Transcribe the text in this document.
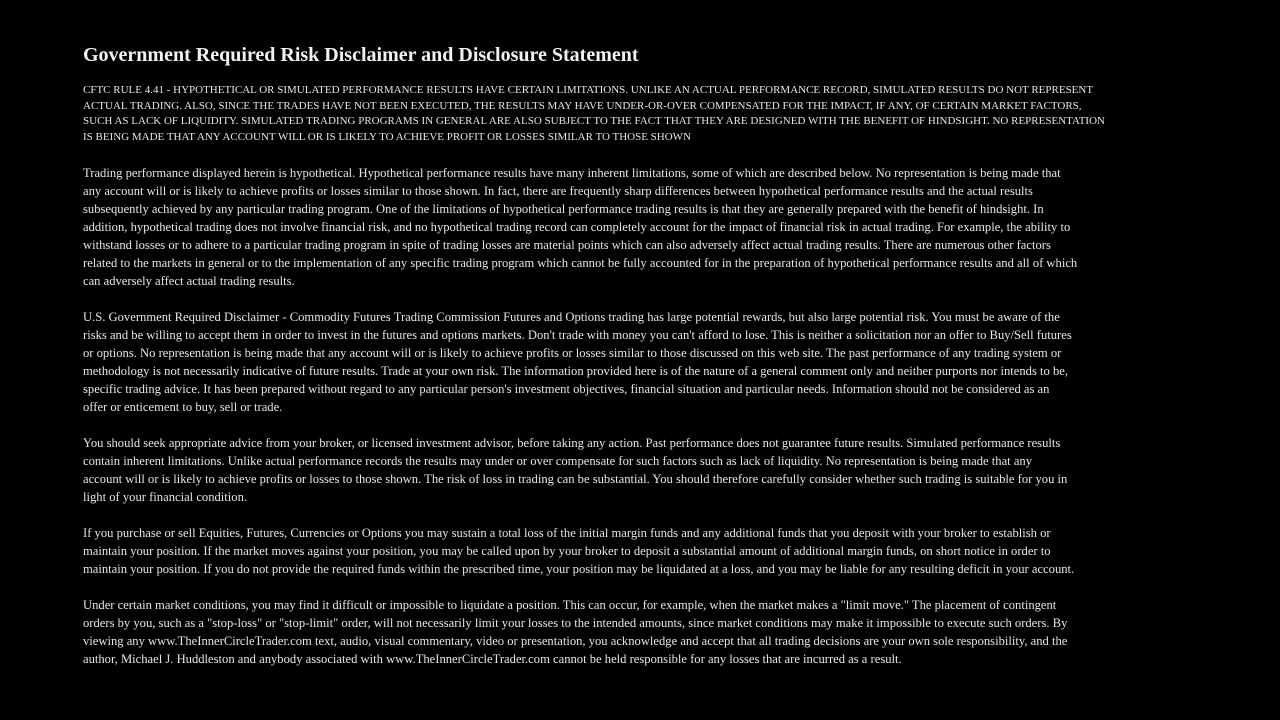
Government Required Risk Disclaimer and Disclosure Statement
CFTC RULE 4.41 - HYPOTHETICAL OR SIMULATED PERFORMANCE RESULTS HAVE CERTAIN LIMITATIONS. UNLIKE AN ACTUAL PERFORMANCE RECORD, SIMULATED RESULTS DO NOT REPRESENT
ACTUAL TRADING. ALSO, SINCE THE TRADES HAVE NOT BEEN EXECUTED, THE RESULTS MAY HAVE UNDER-OR-OVER COMPENSATED FOR THE IMPACT, IF ANY, OF CERTAIN MARKET FACTORS,
SUCH AS LACK OF LIQUIDITY. SIMULATED TRADING PROGRAMS IN GENERAL ARE ALSO SUBJECT TO THE FACT THAT THEY ARE DESIGNED WITH THE BENEFIT OF HINDSIGHT. NO REPRESENTATION
IS BEING MADE THAT ANY ACCOUNT WILL OR IS LIKELY TO ACHIEVE PROFIT OR LOSSES SIMILAR TO THOSE SHOWN
Trading performance displayed herein is hypothetical. Hypothetical performance results have many inherent limitations, some of which are described below. No representation is being made that
any account will or is likely to achieve profits or losses similar to those shown. In fact, there are frequently sharp differences between hypothetical performance results and the actual results
subsequently achieved by any particular trading program. One of the limitations of hypothetical performance trading results is that they are generally prepared with the benefit of hindsight. In
addition, hypothetical trading does not involve financial risk, and no hypothetical trading record can completely account for the impact of financial risk in actual trading. For example, the ability to
withstand losses or to adhere to a particular trading program in spite of trading losses are material points which can also adversely affect actual trading results. There are numerous other factors
related to the markets in general or to the implementation of any specific trading program which cannot be fully accounted for in the preparation of hypothetical performance results and all of which
can adversely affect actual trading results.
U.S. Government Required Disclaimer - Commodity Futures Trading Commission Futures and Options trading has large potential rewards, but also large potential risk. You must be aware of the
risks and be willing to accept them in order to invest in the futures and options markets. Don't trade with money you can't afford to lose. This is neither a solicitation nor an offer to Buy/Sell futures
or options. No representation is being made that any account will or is likely to achieve profits or losses similar to those discussed on this web site. The past performance of any trading system or
methodology is not necessarily indicative of future results. Trade at your own risk. The information provided here is of the nature of a general comment only and neither purports nor intends to be,
specific trading advice. It has been prepared without regard to any particular person's investment objectives, financial situation and particular needs. Information should not be considered as an
offer or enticement to buy, sell or trade.
You should seek appropriate advice from your broker, or licensed investment advisor, before taking any action. Past performance does not guarantee future results. Simulated performance results
contain inherent limitations. Unlike actual performance records the results may under or over compensate for such factors such as lack of liquidity. No representation is being made that any
account will or is likely to achieve profits or losses to those shown. The risk of loss in trading can be substantial. You should therefore carefully consider whether such trading is suitable for you in
light of your financial condition.
If you purchase or sell Equities, Futures, Currencies or Options you may sustain a total loss of the initial margin funds and any additional funds that you deposit with your broker to establish or
maintain your position. If the market moves against your position, you may be called upon by your broker to deposit a substantial amount of additional margin funds, on short notice in order to
maintain your position. If you do not provide the required funds within the prescribed time, your position may be liquidated at a loss, and you may be liable for any resulting deficit in your account.
Under certain market conditions, you may find it difficult or impossible to liquidate a position. This can occur, for example, when the market makes a "limit move." The placement of contingent
orders by you, such as a "stop-loss" or "stop-limit" order, will not necessarily limit your losses to the intended amounts, since market conditions may make it impossible to execute such orders. By
viewing any www.TheInnerCircleTrader.com text, audio, visual commentary, video or presentation, you acknowledge and accept that all trading decisions are your own sole responsibility, and the
author, Michael J. Huddleston and anybody associated with www.TheInnerCircleTrader.com cannot be held responsible for any losses that are incurred as a result.
